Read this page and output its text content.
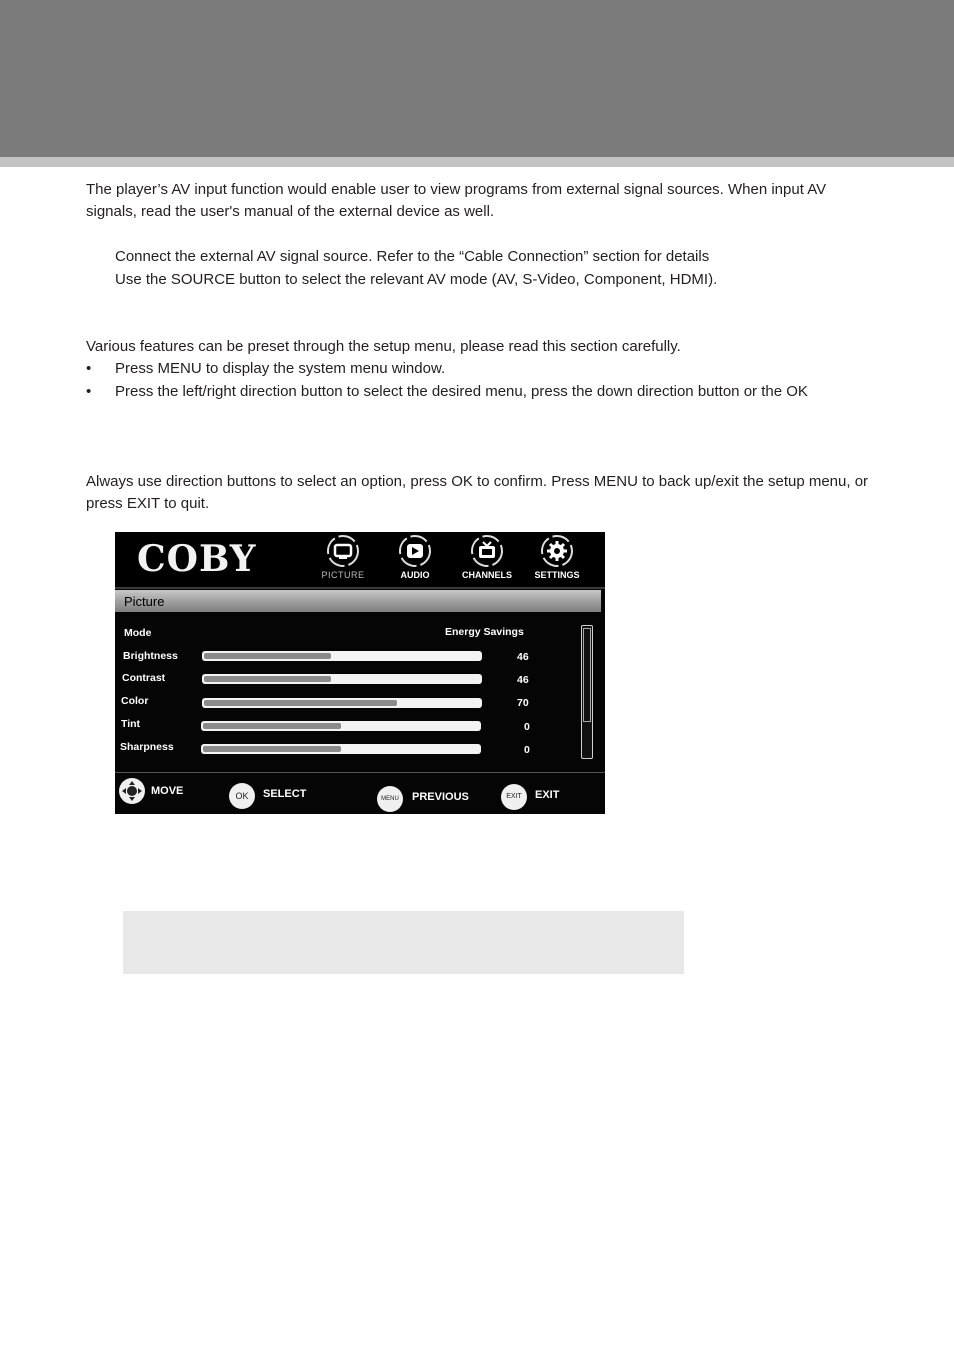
The player’s AV input function would enable user to view programs from external signal sources. When input AV signals, read the user's manual of the external device as well.

Connect the external AV signal source. Refer to the “Cable Connection” section for details
Use the SOURCE button to select the relevant AV mode (AV, S-Video, Component, HDMI).

Various features can be preset through the setup menu, please read this section carefully.

• Press MENU to display the system menu window.
• Press the left/right direction button to select the desired menu, press the down direction button or the OK

Always use direction buttons to select an option, press OK to confirm. Press MENU to back up/exit the setup menu, or press EXIT to quit.

COBY	PICTURE	AUDIO	CHANNELS	SETTINGS
Picture
Mode	Energy Savings
Brightness	46
Contrast	46
Color	70
Tint	0
Sharpness	0
MOVE	OK	SELECT	MENU	PREVIOUS	EXIT	EXIT
